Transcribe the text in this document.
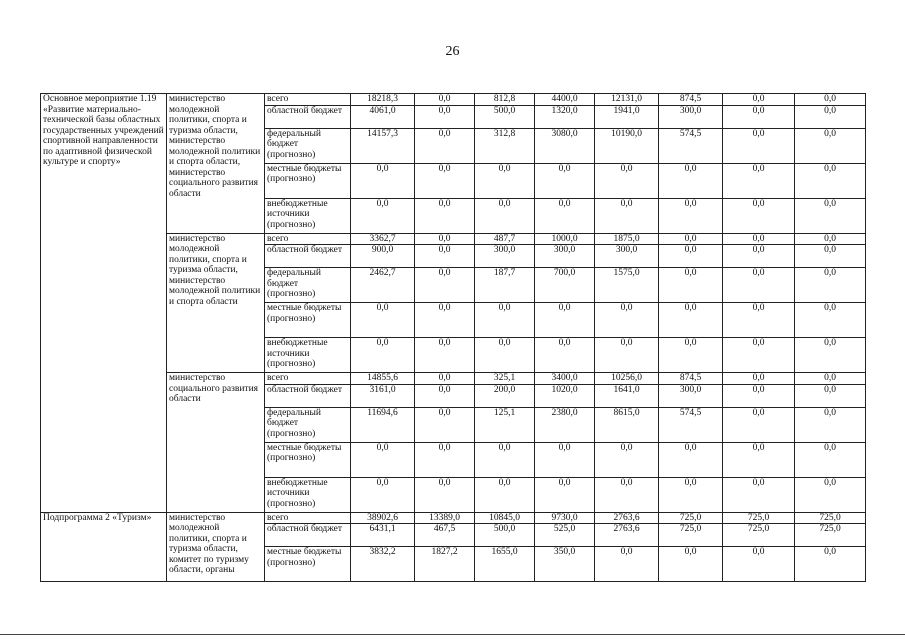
26
Основное мероприятие 1.19 «Развитие материально-технической базы областных государственных учреждений спортивной направленности по адаптивной физической культуре и спорту»	министерство молодежной политики, спорта и туризма области, министерство молодежной политики и спорта области, министерство социального развития области	всего	18218,3	0,0	812,8	4400,0	12131,0	874,5	0,0	0,0
		областной бюджет	4061,0	0,0	500,0	1320,0	1941,0	300,0	0,0	0,0
		федеральный бюджет (прогнозно)	14157,3	0,0	312,8	3080,0	10190,0	574,5	0,0	0,0
		местные бюджеты (прогнозно)	0,0	0,0	0,0	0,0	0,0	0,0	0,0	0,0
		внебюджетные источники (прогнозно)	0,0	0,0	0,0	0,0	0,0	0,0	0,0	0,0
	министерство молодежной политики, спорта и туризма области, министерство молодежной политики и спорта области	всего	3362,7	0,0	487,7	1000,0	1875,0	0,0	0,0	0,0
		областной бюджет	900,0	0,0	300,0	300,0	300,0	0,0	0,0	0,0
		федеральный бюджет (прогнозно)	2462,7	0,0	187,7	700,0	1575,0	0,0	0,0	0,0
		местные бюджеты (прогнозно)	0,0	0,0	0,0	0,0	0,0	0,0	0,0	0,0
		внебюджетные источники (прогнозно)	0,0	0,0	0,0	0,0	0,0	0,0	0,0	0,0
	министерство социального развития области	всего	14855,6	0,0	325,1	3400,0	10256,0	874,5	0,0	0,0
		областной бюджет	3161,0	0,0	200,0	1020,0	1641,0	300,0	0,0	0,0
		федеральный бюджет (прогнозно)	11694,6	0,0	125,1	2380,0	8615,0	574,5	0,0	0,0
		местные бюджеты (прогнозно)	0,0	0,0	0,0	0,0	0,0	0,0	0,0	0,0
		внебюджетные источники (прогнозно)	0,0	0,0	0,0	0,0	0,0	0,0	0,0	0,0
Подпрограмма 2 «Туризм»	министерство молодежной политики, спорта и туризма области, комитет по туризму области, органы	всего	38902,6	13389,0	10845,0	9730,0	2763,6	725,0	725,0	725,0
		областной бюджет	6431,1	467,5	500,0	525,0	2763,6	725,0	725,0	725,0
		местные бюджеты (прогнозно)	3832,2	1827,2	1655,0	350,0	0,0	0,0	0,0	0,0
